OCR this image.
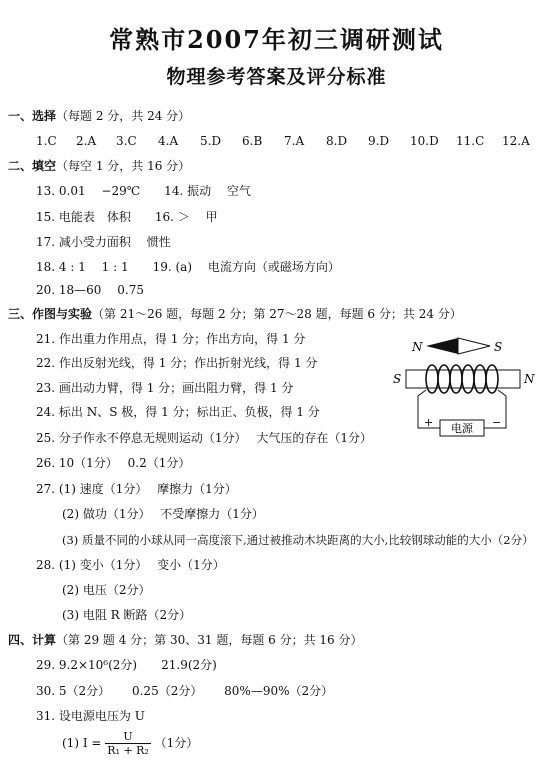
常熟市2007年初三调研测试
物理参考答案及评分标准
一、选择（每题 2 分，共 24 分）
1.C 2.A 3.C 4.A 5.D 6.B 7.A 8.D 9.D 10.D 11.C 12.A
二、填空（每空 1 分，共 16 分）
13. 0.01　 −29℃　　14. 振动　 空气
15. 电能表　体积　　16. ＞　 甲
17. 减小受力面积　 惯性
18. 4 : 1　 1 : 1　　19. (a)　 电流方向（或磁场方向）
20. 18—60　 0.75
三、作图与实验（第 21～26 题，每题 2 分；第 27～28 题，每题 6 分；共 24 分）
21. 作出重力作用点，得 1 分；作出方向，得 1 分
22. 作出反射光线，得 1 分；作出折射光线，得 1 分
23. 画出动力臂，得 1 分；画出阻力臂，得 1 分
24. 标出 N、S 极，得 1 分；标出正、负极，得 1 分
25. 分子作永不停息无规则运动（1分）　 大气压的存在（1分）
26. 10（1分）　 0.2（1分）
27. (1) 速度（1分）　 摩擦力（1分）
(2) 做功（1分）　 不受摩擦力（1分）
(3) 质量不同的小球从同一高度滚下,通过被推动木块距离的大小,比较钢球动能的大小（2分）
28. (1) 变小（1分）　 变小（1分）
(2) 电压（2分）
(3) 电阻 R 断路（2分）
N	S
S	N
电源
+	−
四、计算（第 29 题 4 分；第 30、31 题，每题 6 分；共 16 分）
29. 9.2×10⁶(2分)　　21.9(2分)
30. 5（2分）　　 0.25（2分）　　 80%—90%（2分）
31. 设电源电压为 U
(1) $I = \frac{U}{\text{R₁ + R₂}} (1$分）
